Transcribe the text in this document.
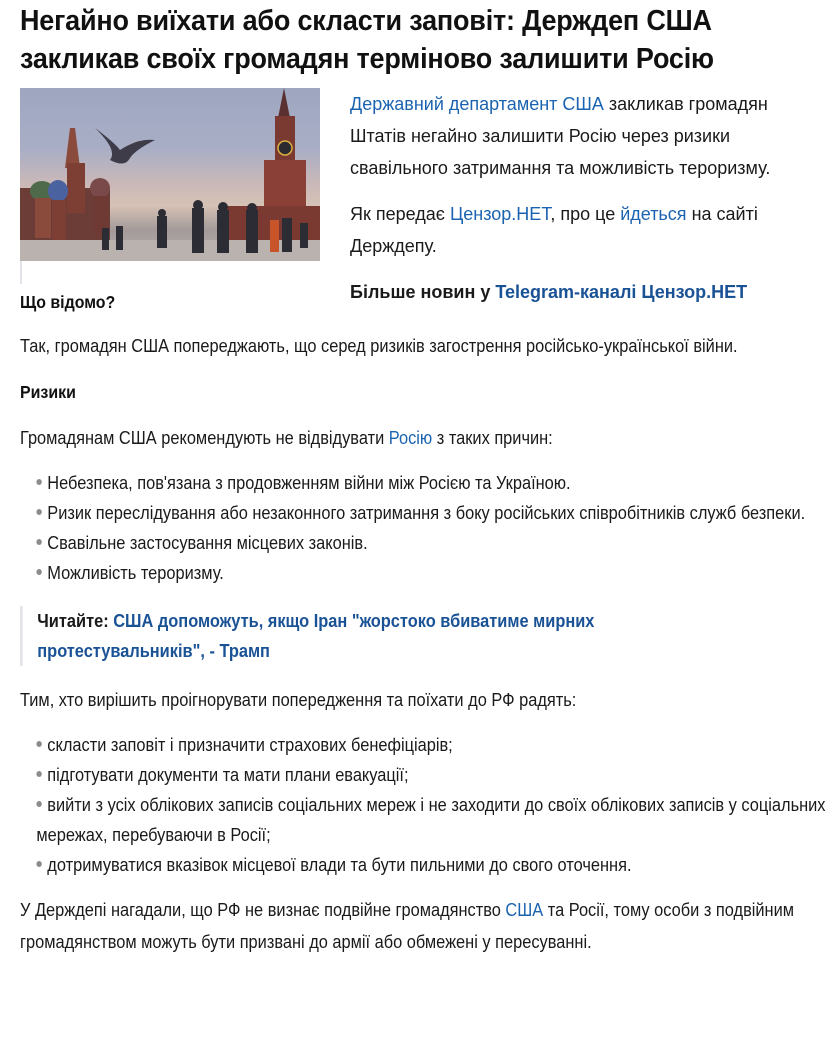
Негайно виїхати або скласти заповіт: Держдеп США закликав своїх громадян терміново залишити Росію

Державний департамент США закликав громадян Штатів негайно залишити Росію через ризики свавільного затримання та можливість тероризму.

Як передає Цензор.НЕТ, про це йдеться на сайті Держдепу.

Більше новин у Telegram-каналі Цензор.НЕТ

Що відомо?

Так, громадян США попереджають, що серед ризиків загострення російсько-української війни.

Ризики

Громадянам США рекомендують не відвідувати Росію з таких причин:

Небезпека, пов'язана з продовженням війни між Росією та Україною.
Ризик переслідування або незаконного затримання з боку російських співробітників служб безпеки.
Свавільне застосування місцевих законів.
Можливість тероризму.
Читайте: США допоможуть, якщо Іран "жорстоко вбиватиме мирних протестувальників", - Трамп

Тим, хто вирішить проігнорувати попередження та поїхати до РФ радять:

скласти заповіт і призначити страхових бенефіціарів;
підготувати документи та мати плани евакуації;
вийти з усіх облікових записів соціальних мереж і не заходити до своїх облікових записів у соціальних мережах, перебуваючи в Росії;
дотримуватися вказівок місцевої влади та бути пильними до свого оточення.

У Держдепі нагадали, що РФ не визнає подвійне громадянство США та Росії, тому особи з подвійним громадянством можуть бути призвані до армії або обмежені у пересуванні.
